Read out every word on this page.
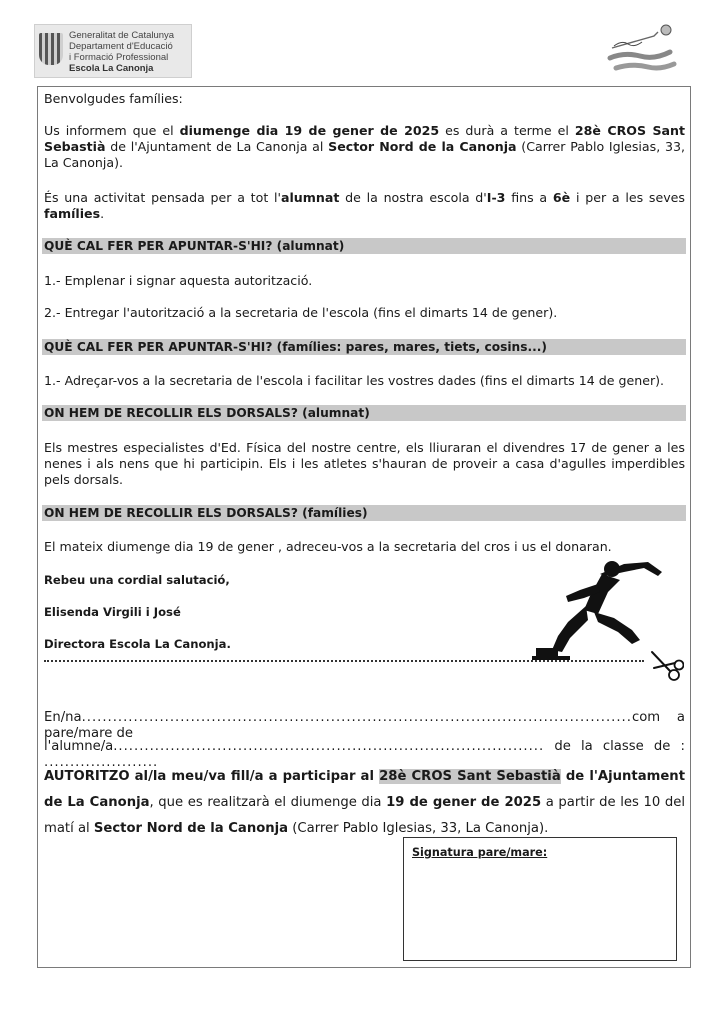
Generalitat de Catalunya
Departament d'Educació
i Formació Professional
Escola La Canonja
Benvolgudes famílies:
Us informem que el diumenge dia 19 de gener de 2025 es durà a terme el 28è CROS Sant Sebastià de l'Ajuntament de La Canonja al Sector Nord de la Canonja (Carrer Pablo Iglesias, 33, La Canonja).
És una activitat pensada per a tot l'alumnat de la nostra escola d'I-3 fins a 6è i per a les seves famílies.
QUÈ CAL FER PER APUNTAR-S'HI? (alumnat)
1.- Emplenar i signar aquesta autorització.
2.- Entregar l'autorització a la secretaria de l'escola (fins el dimarts 14 de gener).
QUÈ CAL FER PER APUNTAR-S'HI? (famílies: pares, mares, tiets, cosins...)
1.- Adreçar-vos a la secretaria de l'escola i facilitar les vostres dades (fins el dimarts 14 de gener).
ON HEM DE RECOLLIR ELS DORSALS? (alumnat)
Els mestres especialistes d'Ed. Física del nostre centre, els lliuraran el divendres 17 de gener a les nenes i als nens que hi participin. Els i les atletes s'hauran de proveir a casa d'agulles imperdibles pels dorsals.
ON HEM DE RECOLLIR ELS DORSALS? (famílies)
El mateix diumenge dia 19 de gener , adreceu-vos a la secretaria del cros i us el donaran.
Rebeu una cordial salutació,
Elisenda Virgili i José
Directora Escola La Canonja.
En/na..........................................................................................................com a pare/mare de
l'alumne/a................................................................................... de la classe de : ......................
AUTORITZO al/la meu/va fill/a a participar al 28è CROS Sant Sebastià de l'Ajuntament de La Canonja, que es realitzarà el diumenge dia 19 de gener de 2025 a partir de les 10 del matí al Sector Nord de la Canonja (Carrer Pablo Iglesias, 33, La Canonja).
Signatura pare/mare:
